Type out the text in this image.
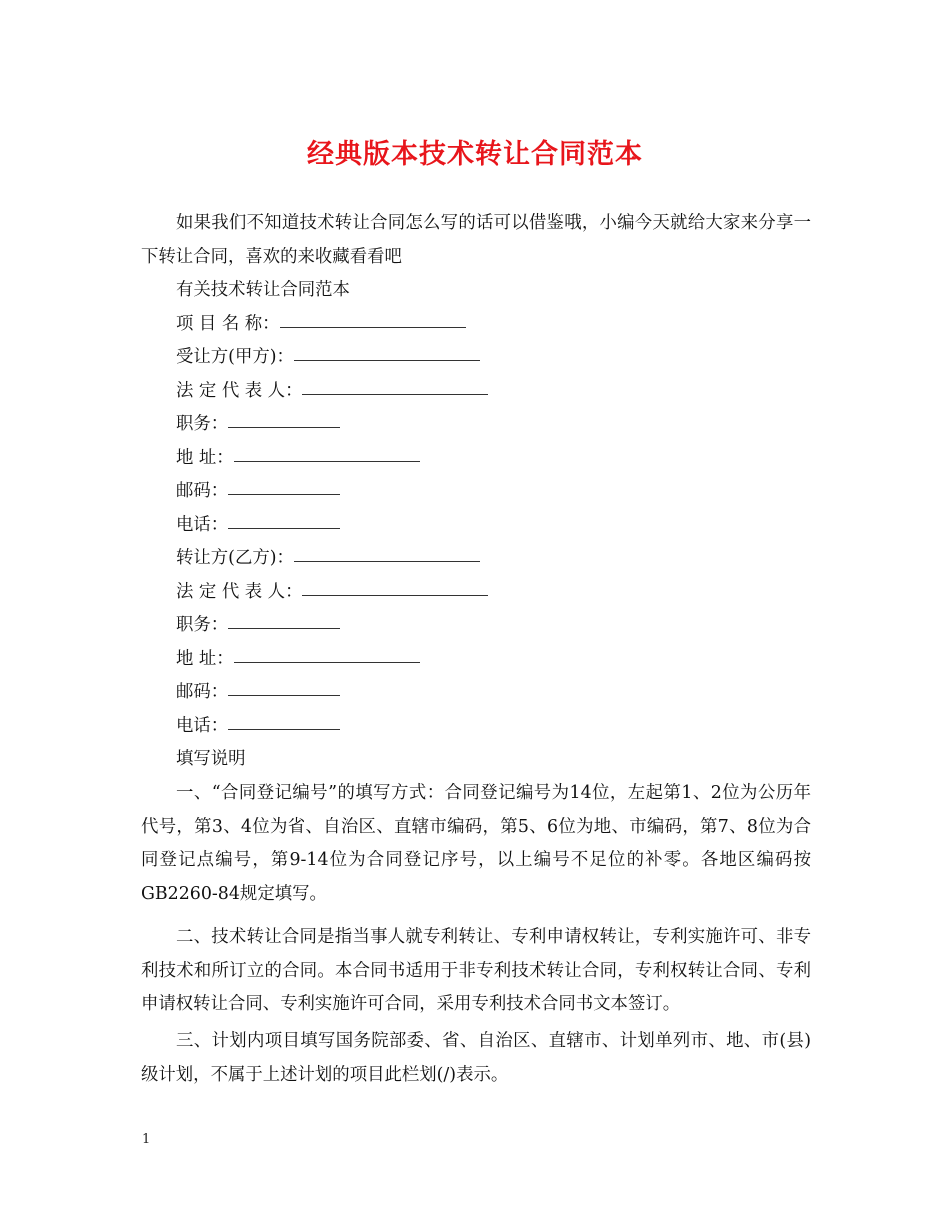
经典版本技术转让合同范本
如果我们不知道技术转让合同怎么写的话可以借鉴哦，小编今天就给大家来分享一下转让合同，喜欢的来收藏看看吧
有关技术转让合同范本
项 目 名 称：
受让方(甲方)：
法 定 代 表 人：
职务：
地 址：
邮码：
电话：
转让方(乙方)：
法 定 代 表 人：
职务：
地 址：
邮码：
电话：
填写说明
一、“合同登记编号”的填写方式：合同登记编号为14位，左起第1、2位为公历年代号，第3、4位为省、自治区、直辖市编码，第5、6位为地、市编码，第7、8位为合同登记点编号，第9-14位为合同登记序号，以上编号不足位的补零。各地区编码按GB2260-84规定填写。
二、技术转让合同是指当事人就专利转让、专利申请权转让，专利实施许可、非专利技术和所订立的合同。本合同书适用于非专利技术转让合同，专利权转让合同、专利申请权转让合同、专利实施许可合同，采用专利技术合同书文本签订。
三、计划内项目填写国务院部委、省、自治区、直辖市、计划单列市、地、市(县)级计划，不属于上述计划的项目此栏划(/)表示。
1
